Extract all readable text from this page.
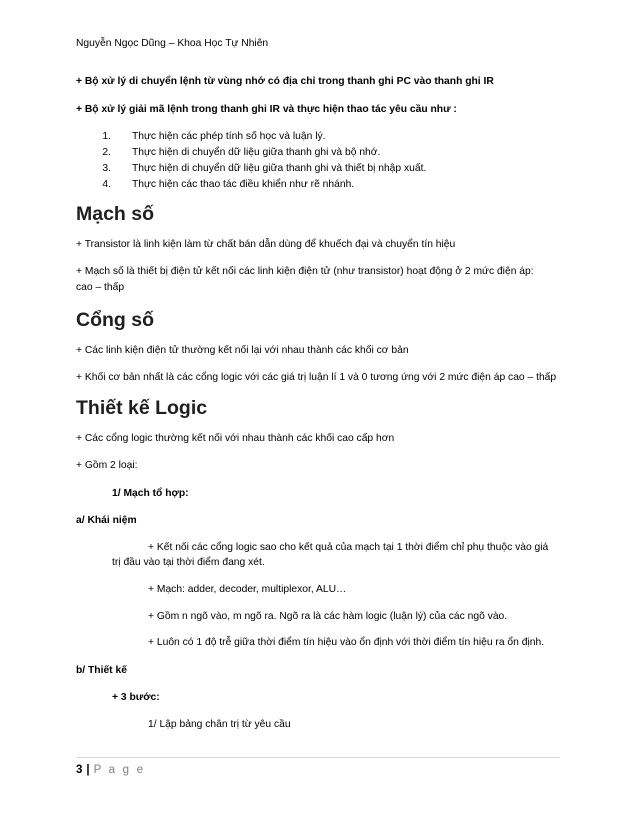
Nguyễn Ngọc Dũng – Khoa Học Tự Nhiên
+ Bộ xử lý di chuyển lệnh từ vùng nhớ có địa chỉ trong thanh ghi PC vào thanh ghi IR
+ Bộ xử lý giải mã lệnh trong thanh ghi IR và thực hiện thao tác yêu cầu như :
1. Thực hiện các phép tính số học và luận lý.
2. Thực hiện di chuyển dữ liệu giữa thanh ghi và bộ nhớ.
3. Thực hiện di chuyển dữ liệu giữa thanh ghi và thiết bị nhập xuất.
4. Thực hiện các thao tác điều khiển như rẽ nhánh.
Mạch số
+ Transistor là linh kiện làm từ chất bán dẫn dùng để khuếch đại và chuyển tín hiệu
+ Mạch số là thiết bị điện tử kết nối các linh kiện điện tử (như transistor) hoạt động ở 2 mức điện áp:
cao – thấp
Cổng số
+ Các linh kiện điện tử thường kết nối lại với nhau thành các khối cơ bản
+ Khối cơ bản nhất là các cổng logic với các giá trị luận lí 1 và 0 tương ứng với 2 mức điện áp cao – thấp
Thiết kế Logic
+ Các cổng logic thường kết nối với nhau thành các khối cao cấp hơn
+ Gồm 2 loại:
1/ Mạch tổ hợp:
a/ Khái niệm
+ Kết nối các cổng logic sao cho kết quả của mạch tại 1 thời điểm chỉ phụ thuộc vào giá
trị đầu vào tại thời điểm đang xét.
+ Mạch: adder, decoder, multiplexor, ALU…
+ Gồm n ngõ vào, m ngõ ra. Ngõ ra là các hàm logic (luận lý) của các ngõ vào.
+ Luôn có 1 độ trễ giữa thời điểm tín hiệu vào ổn định với thời điểm tín hiệu ra ổn định.
b/ Thiết kế
+ 3 bước:
1/ Lập bảng chân trị từ yêu cầu
3 | P a g e
